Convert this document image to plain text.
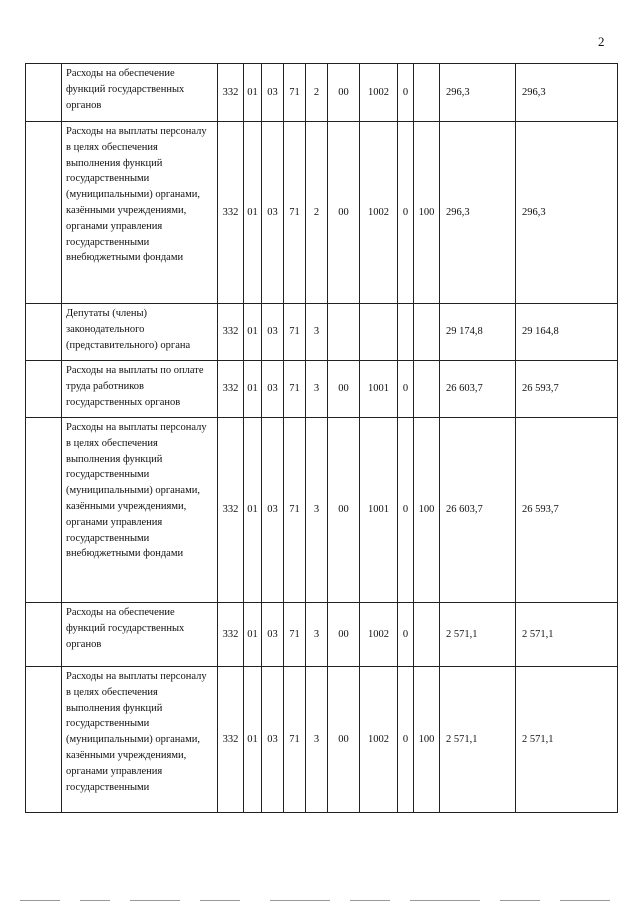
2
	Расходы на обеспечение функций государственных органов	332	01	03	71	2	00	1002	0		296,3	296,3
	Расходы на выплаты персоналу в целях обеспечения выполнения функций государственными (муниципальными) органами, казёнными учреждениями, органами управления государственными внебюджетными фондами	332	01	03	71	2	00	1002	0	100	296,3	296,3
	Депутаты (члены) законодательного (представительного) органа	332	01	03	71	3					29 174,8	29 164,8
	Расходы на выплаты по оплате труда работников государственных органов	332	01	03	71	3	00	1001	0		26 603,7	26 593,7
	Расходы на выплаты персоналу в целях обеспечения выполнения функций государственными (муниципальными) органами, казёнными учреждениями, органами управления государственными внебюджетными фондами	332	01	03	71	3	00	1001	0	100	26 603,7	26 593,7
	Расходы на обеспечение функций государственных органов	332	01	03	71	3	00	1002	0		2 571,1	2 571,1
	Расходы на выплаты персоналу в целях обеспечения выполнения функций государственными (муниципальными) органами, казёнными учреждениями, органами управления государственными	332	01	03	71	3	00	1002	0	100	2 571,1	2 571,1
